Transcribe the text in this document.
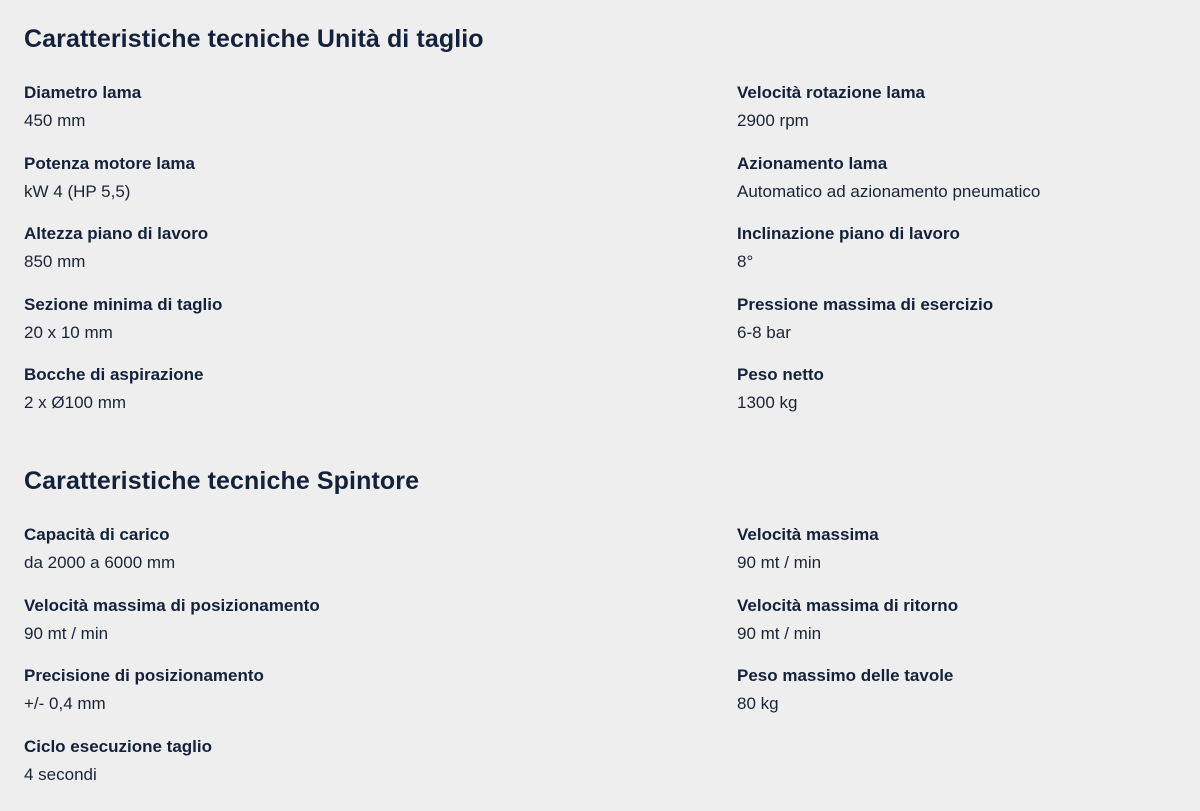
Caratteristiche tecniche Unità di taglio
Diametro lama
450 mm
Velocità rotazione lama
2900 rpm
Potenza motore lama
kW 4 (HP 5,5)
Azionamento lama
Automatico ad azionamento pneumatico
Altezza piano di lavoro
850 mm
Inclinazione piano di lavoro
8°
Sezione minima di taglio
20 x 10 mm
Pressione massima di esercizio
6-8 bar
Bocche di aspirazione
2 x Ø100 mm
Peso netto
1300 kg
Caratteristiche tecniche Spintore
Capacità di carico
da 2000 a 6000 mm
Velocità massima
90 mt / min
Velocità massima di posizionamento
90 mt / min
Velocità massima di ritorno
90 mt / min
Precisione di posizionamento
+/- 0,4 mm
Peso massimo delle tavole
80 kg
Ciclo esecuzione taglio
4 secondi
